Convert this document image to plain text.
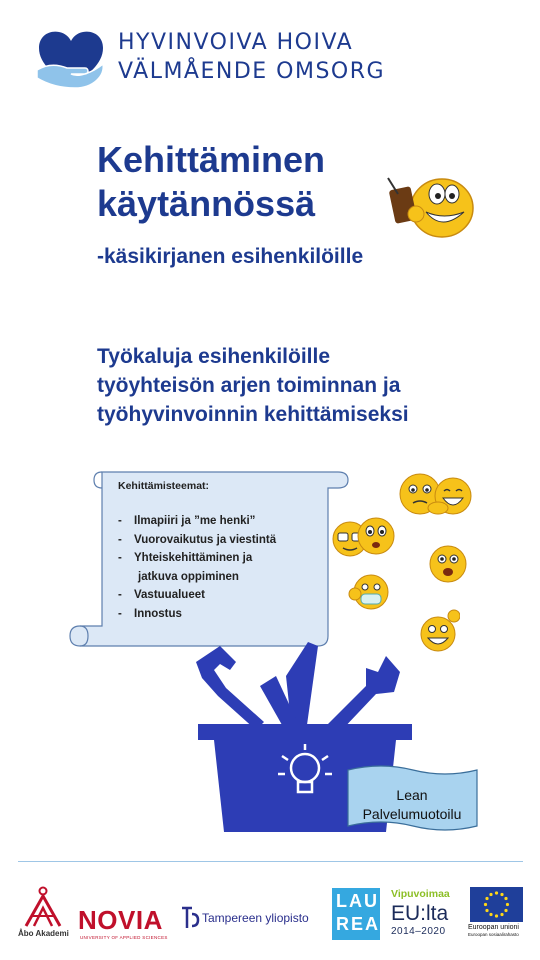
HYVINVOIVA HOIVA
VÄLMÅENDE OMSORG
Kehittäminen
käytännössä
-käsikirjanen esihenkilöille
Työkaluja esihenkilöille
työyhteisön arjen toiminnan ja
työhyvinvoinnin kehittämiseksi
Kehittämisteemat:
- Ilmapiiri ja ”me henki”
- Vuorovaikutus ja viestintä
- Yhteiskehittäminen ja
jatkuva oppiminen
- Vastuualueet
- Innostus
Lean
Palvelumuotoilu
Åbo Akademi NOVIA
UNIVERSITY OF APPLIED SCIENCES
Tampereen yliopisto
LAU
REA
Vipuvoimaa
EU:lta
2014–2020	Euroopan unioni
Euroopan sosiaalirahasto
